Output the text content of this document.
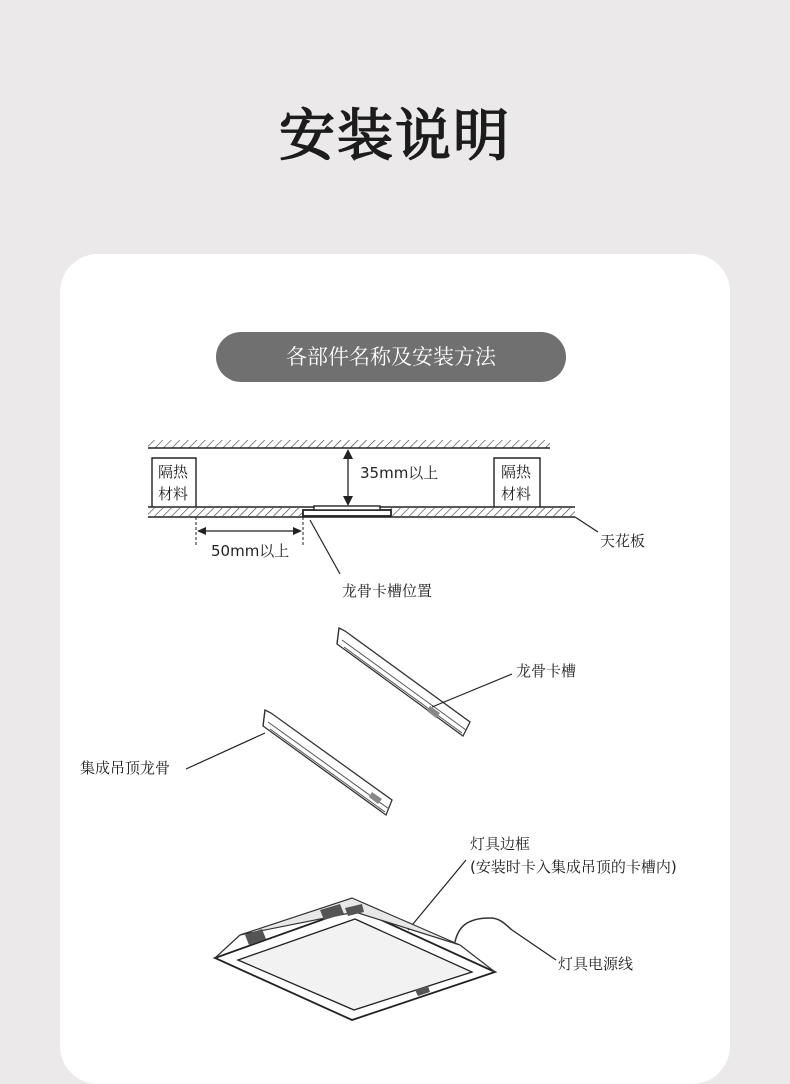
安装说明
各部件名称及安装方法
隔热
材料
隔热
材料
35mm以上
50mm以上
天花板
龙骨卡槽位置
龙骨卡槽
集成吊顶龙骨
灯具边框
(安装时卡入集成吊顶的卡槽内)
灯具电源线
